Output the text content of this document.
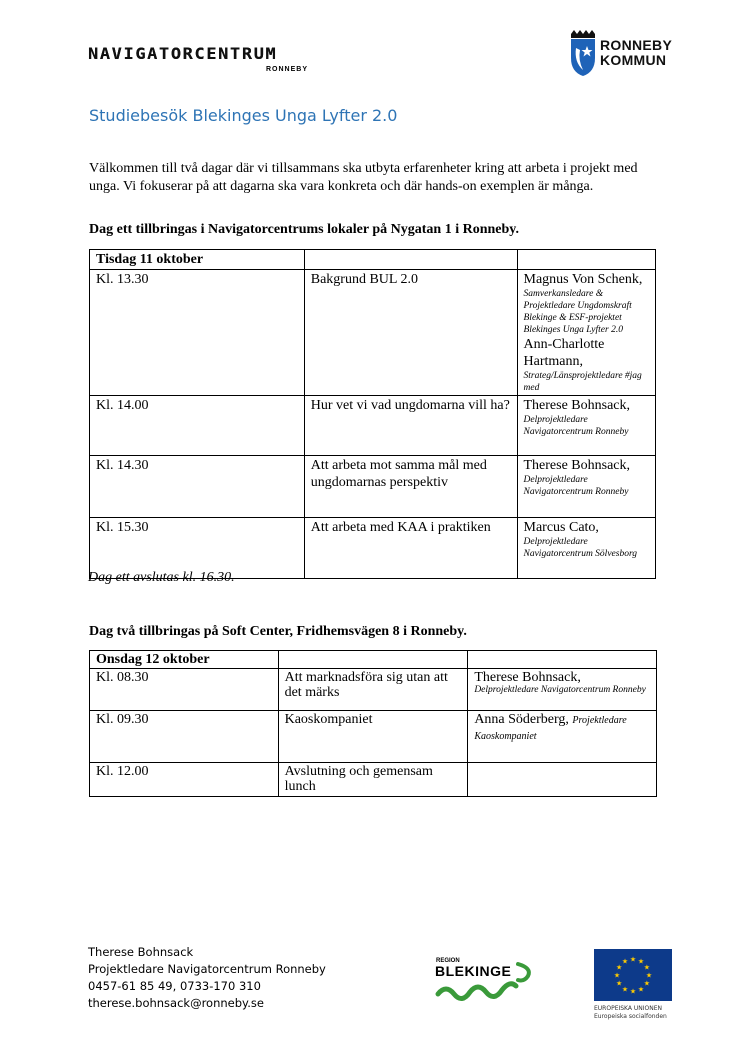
NAVIGATORCENTRUM
RONNEBY
RONNEBY
KOMMUN
Studiebesök Blekinges Unga Lyfter 2.0
Välkommen till två dagar där vi tillsammans ska utbyta erfarenheter kring att arbeta i projekt med unga. Vi fokuserar på att dagarna ska vara konkreta och där hands-on exemplen är många.
Dag ett tillbringas i Navigatorcentrums lokaler på Nygatan 1 i Ronneby.
Tisdag 11 oktober		
Kl. 13.30	Bakgrund BUL 2.0	Magnus Von Schenk,
Samverkansledare & Projektledare Ungdomskraft Blekinge & ESF-projektet Blekinges Unga Lyfter 2.0
Ann-Charlotte Hartmann,
Strateg/Länsprojektledare #jag med

Kl. 14.00	Hur vet vi vad ungdomarna vill ha?	Therese Bohnsack,
Delprojektledare Navigatorcentrum Ronneby

Kl. 14.30	Att arbeta mot samma mål med ungdomarnas perspektiv	Therese Bohnsack,
Delprojektledare Navigatorcentrum Ronneby

Kl. 15.30	Att arbeta med KAA i praktiken	Marcus Cato,
Delprojektledare Navigatorcentrum Sölvesborg
Dag ett avslutas kl. 16.30.
Dag två tillbringas på Soft Center, Fridhemsvägen 8 i Ronneby.
Onsdag 12 oktober		
Kl. 08.30	Att marknadsföra sig utan att det märks	Therese Bohnsack,
Delprojektledare Navigatorcentrum Ronneby

Kl. 09.30	Kaoskompaniet	Anna Söderberg, Projektledare Kaoskompaniet
Kl. 12.00	Avslutning och gemensam lunch	
Therese Bohnsack
Projektledare Navigatorcentrum Ronneby
0457-61 85 49, 0733-170 310
therese.bohnsack@ronneby.se
REGION
BLEKINGE
★ ★
★
★
★
★
★
★
★
★
★
★
EUROPEISKA UNIONEN
Europeiska socialfonden
